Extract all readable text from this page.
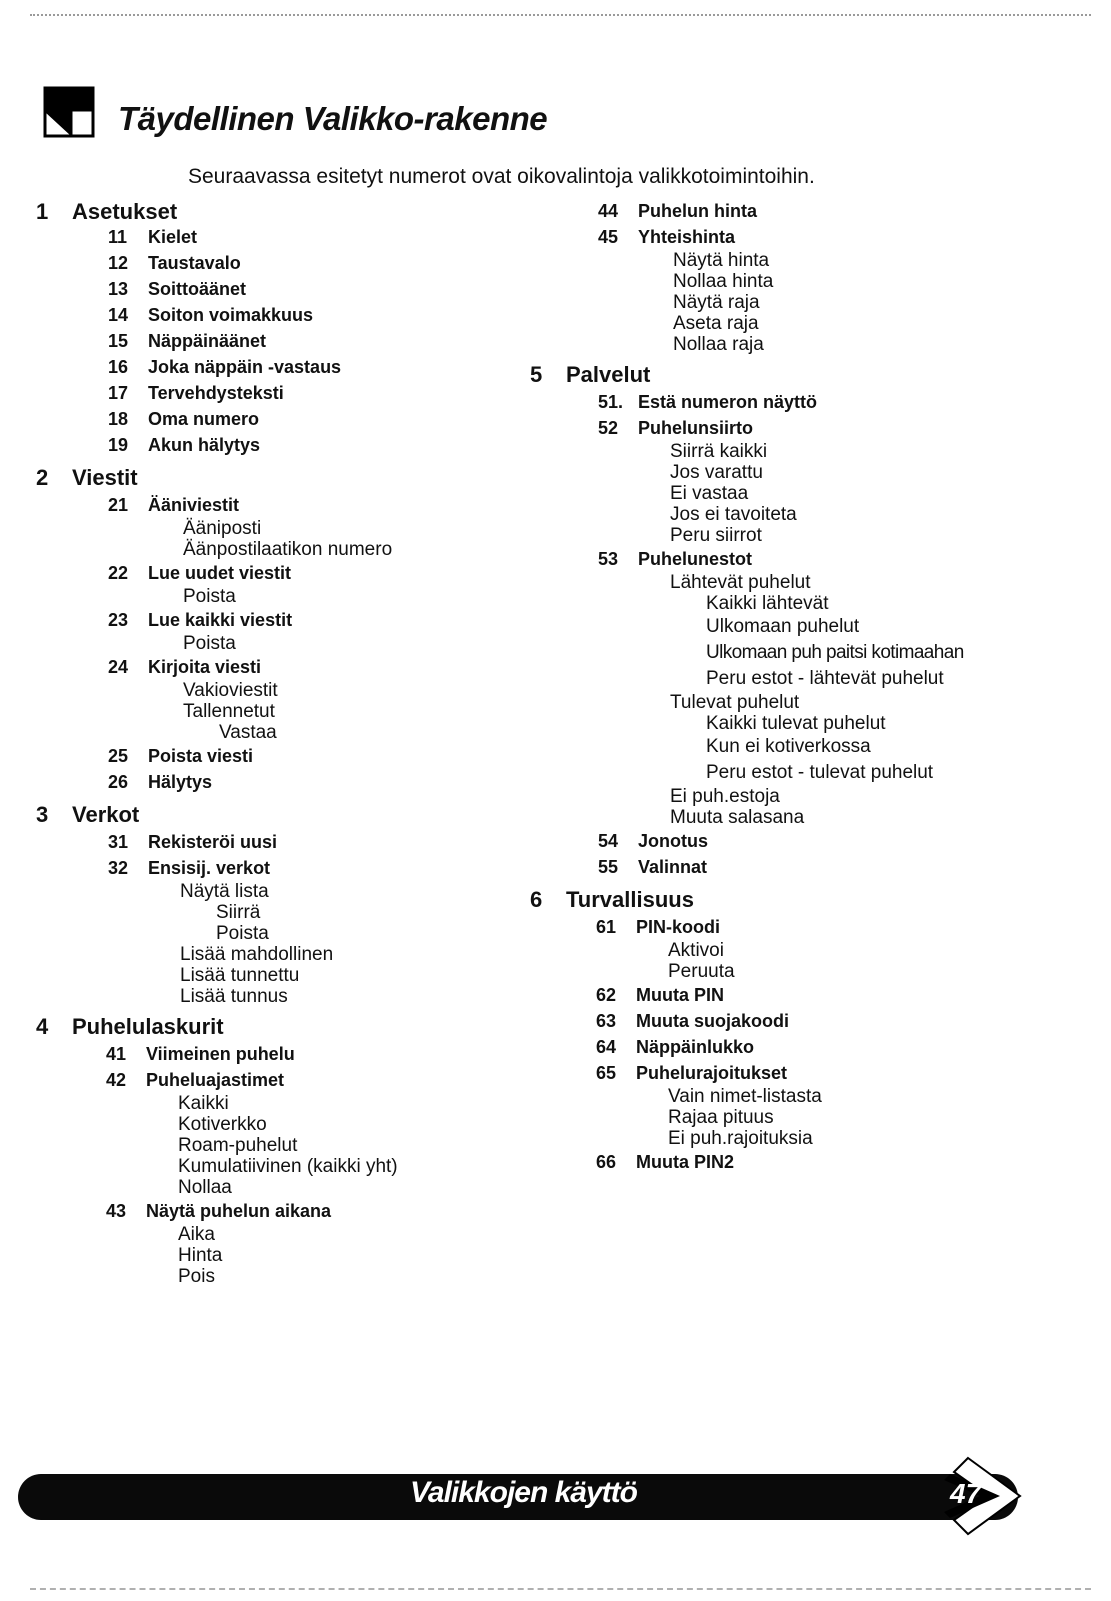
Täydellinen Valikko-rakenne

Seuraavassa esitetyt numerot ovat oikovalintoja valikkotoimintoihin.

1	Asetukset
11	Kielet
12	Taustavalo
13	Soittoäänet
14	Soiton voimakkuus
15	Näppäinäänet
16	Joka näppäin -vastaus
17	Tervehdysteksti
18	Oma numero
19	Akun hälytys
2	Viestit
21	Ääniviestit
Ääniposti
Äänpostilaatikon numero
22	Lue uudet viestit
Poista
23	Lue kaikki viestit
Poista
24	Kirjoita viesti
Vakioviestit
Tallennetut
Vastaa
25	Poista viesti
26	Hälytys
3	Verkot
31	Rekisteröi uusi
32	Ensisij. verkot
Näytä lista
Siirrä
Poista
Lisää mahdollinen
Lisää tunnettu
Lisää tunnus
4	Puhelulaskurit
41	Viimeinen puhelu
42	Puheluajastimet
Kaikki
Kotiverkko
Roam-puhelut
Kumulatiivinen (kaikki yht)
Nollaa
43	Näytä puhelun aikana
Aika
Hinta
Pois
44	Puhelun hinta
45	Yhteishinta
Näytä hinta
Nollaa hinta
Näytä raja
Aseta raja
Nollaa raja
5	Palvelut
51. Estä numeron näyttö
52	Puhelunsiirto
Siirrä kaikki
Jos varattu
Ei vastaa
Jos ei tavoiteta
Peru siirrot
53	Puhelunestot
Lähtevät puhelut
Kaikki lähtevät
Ulkomaan puhelut
Ulkomaan puh paitsi kotimaahan
Peru estot - lähtevät puhelut
Tulevat puhelut
Kaikki tulevat puhelut
Kun ei kotiverkossa
Peru estot - tulevat puhelut
Ei puh.estoja
Muuta salasana
54	Jonotus
55	Valinnat
6	Turvallisuus
61	PIN-koodi
Aktivoi
Peruuta
62	Muuta PIN
63	Muuta suojakoodi
64	Näppäinlukko
65	Puhelurajoitukset
Vain nimet-listasta
Rajaa pituus
Ei puh.rajoituksia
66	Muuta PIN2
Valikkojen käyttö	47
